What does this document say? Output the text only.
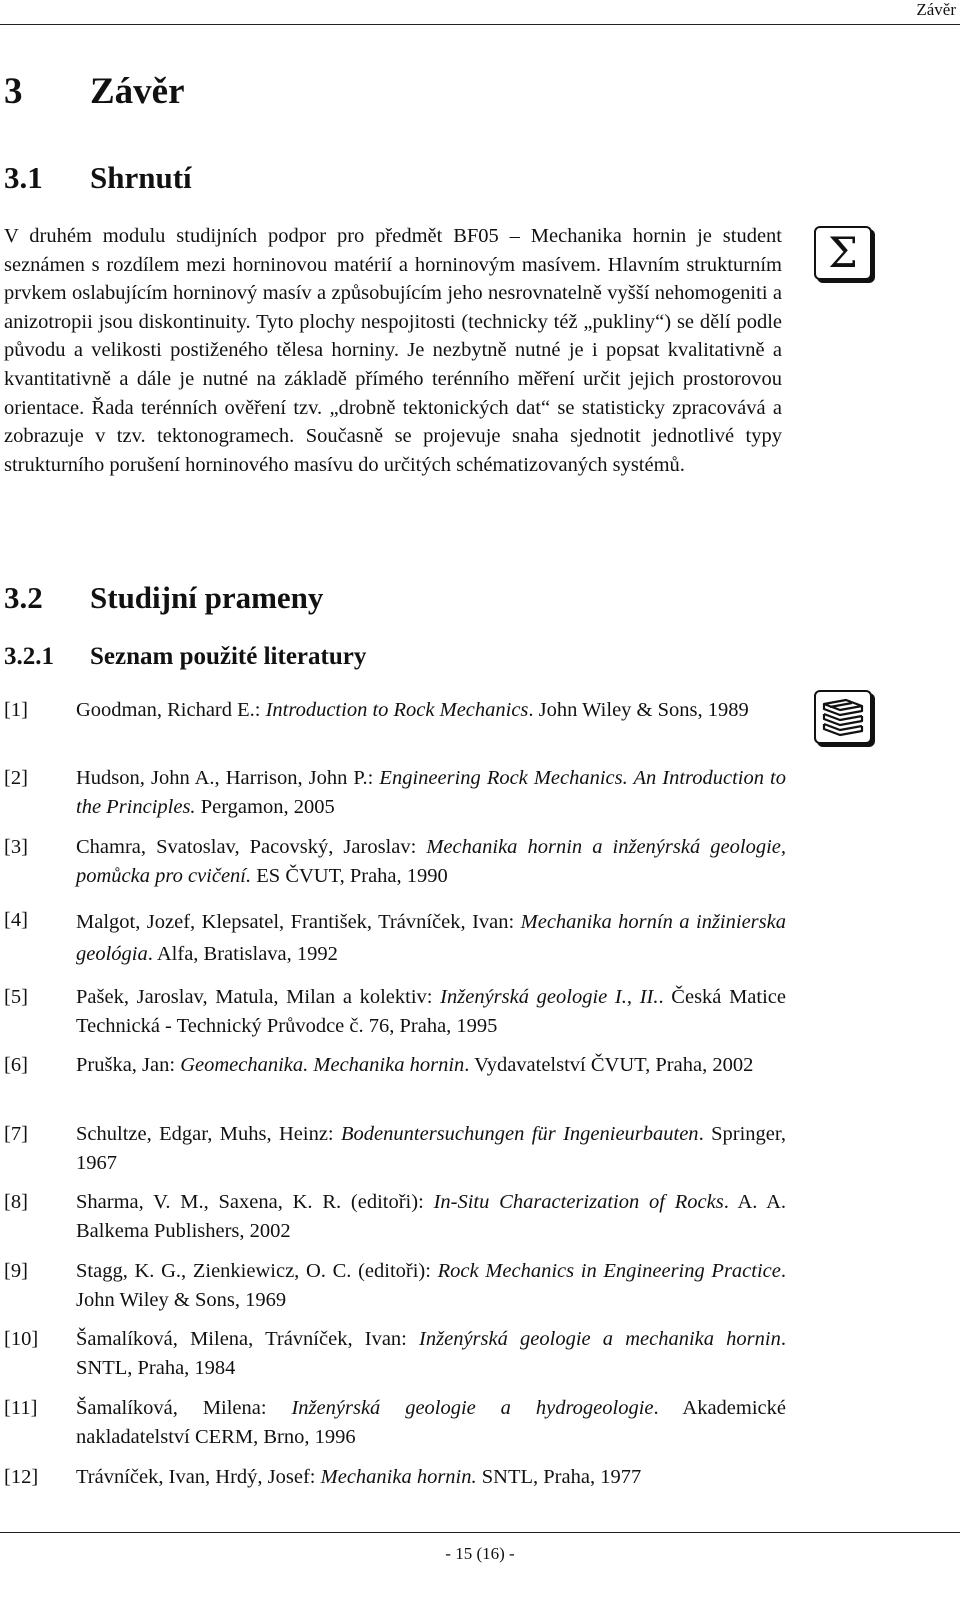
Závěr
3 Závěr
3.1 Shrnutí

V druhém modulu studijních podpor pro předmět BF05 – Mechanika hornin je student seznámen s rozdílem mezi horninovou matérií a horninovým masívem. Hlavním strukturním prvkem oslabujícím horninový masív a způsobujícím jeho nesrovnatelně vyšší nehomogeniti a anizotropii jsou diskontinuity. Tyto plochy nespojitosti (technicky též „pukliny“) se dělí podle původu a velikosti postiženého tělesa horniny. Je nezbytně nutné je i popsat kvalitativně a kvantitativně a dále je nutné na základě přímého terénního měření určit jejich prostorovou orientace. Řada terénních ověření tzv. „drobně tektonických dat“ se statisticky zpracovává a zobrazuje v tzv. tektonogramech. Současně se projevuje snaha sjednotit jednotlivé typy strukturního porušení horninového masívu do určitých schématizovaných systémů.

Σ
3.2 Studijní prameny
3.2.1 Seznam použité literatury
[1] Goodman, Richard E.: Introduction to Rock Mechanics. John Wiley & Sons, 1989
[2] Hudson, John A., Harrison, John P.: Engineering Rock Mechanics. An Introduction to the Principles. Pergamon, 2005
[3] Chamra, Svatoslav, Pacovský, Jaroslav: Mechanika hornin a inženýrská geologie, pomůcka pro cvičení. ES ČVUT, Praha, 1990
[4] Malgot, Jozef, Klepsatel, František, Trávníček, Ivan: Mechanika hornín a inžinierska geológia. Alfa, Bratislava, 1992
[5] Pašek, Jaroslav, Matula, Milan a kolektiv: Inženýrská geologie I., II.. Česká Matice Technická - Technický Průvodce č. 76, Praha, 1995
[6] Pruška, Jan: Geomechanika. Mechanika hornin. Vydavatelství ČVUT, Praha, 2002
[7] Schultze, Edgar, Muhs, Heinz: Bodenuntersuchungen für Ingenieurbauten. Springer, 1967
[8] Sharma, V. M., Saxena, K. R. (editoři): In-Situ Characterization of Rocks. A. A. Balkema Publishers, 2002
[9] Stagg, K. G., Zienkiewicz, O. C. (editoři): Rock Mechanics in Engineering Practice. John Wiley & Sons, 1969
[10] Šamalíková, Milena, Trávníček, Ivan: Inženýrská geologie a mechanika hornin. SNTL, Praha, 1984
[11] Šamalíková, Milena: Inženýrská geologie a hydrogeologie. Akademické nakladatelství CERM, Brno, 1996
[12] Trávníček, Ivan, Hrdý, Josef: Mechanika hornin. SNTL, Praha, 1977
- 15 (16) -
